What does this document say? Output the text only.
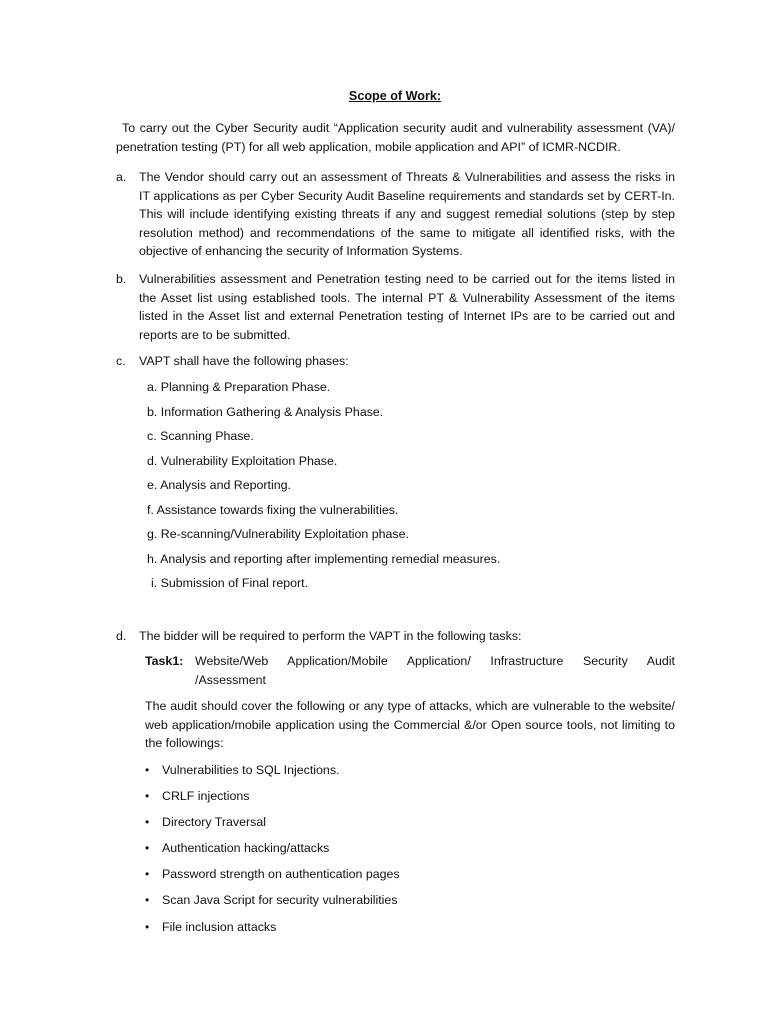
Scope of Work:
To carry out the Cyber Security audit “Application security audit and vulnerability assessment (VA)/ penetration testing (PT) for all web application, mobile application and API” of ICMR-NCDIR.
a.	The Vendor should carry out an assessment of Threats & Vulnerabilities and assess the risks in IT applications as per Cyber Security Audit Baseline requirements and standards set by CERT-In. This will include identifying existing threats if any and suggest remedial solutions (step by step resolution method) and recommendations of the same to mitigate all identified risks, with the objective of enhancing the security of Information Systems.
b.	Vulnerabilities assessment and Penetration testing need to be carried out for the items listed in the Asset list using established tools. The internal PT & Vulnerability Assessment of the items listed in the Asset list and external Penetration testing of Internet IPs are to be carried out and reports are to be submitted.
c.	VAPT shall have the following phases:
a. Planning & Preparation Phase.
b. Information Gathering & Analysis Phase.
c. Scanning Phase.
d. Vulnerability Exploitation Phase.
e. Analysis and Reporting.
f. Assistance towards fixing the vulnerabilities.
g. Re-scanning/Vulnerability Exploitation phase.
h. Analysis and reporting after implementing remedial measures.
i. Submission of Final report.
d.	The bidder will be required to perform the VAPT in the following tasks:
Task1: Website/Web Application/Mobile Application/ Infrastructure Security Audit
/Assessment
The audit should cover the following or any type of attacks, which are vulnerable to the website/ web application/mobile application using the Commercial &/or Open source tools, not limiting to the followings:
• Vulnerabilities to SQL Injections.
• CRLF injections
• Directory Traversal
• Authentication hacking/attacks
• Password strength on authentication pages
• Scan Java Script for security vulnerabilities
• File inclusion attacks
